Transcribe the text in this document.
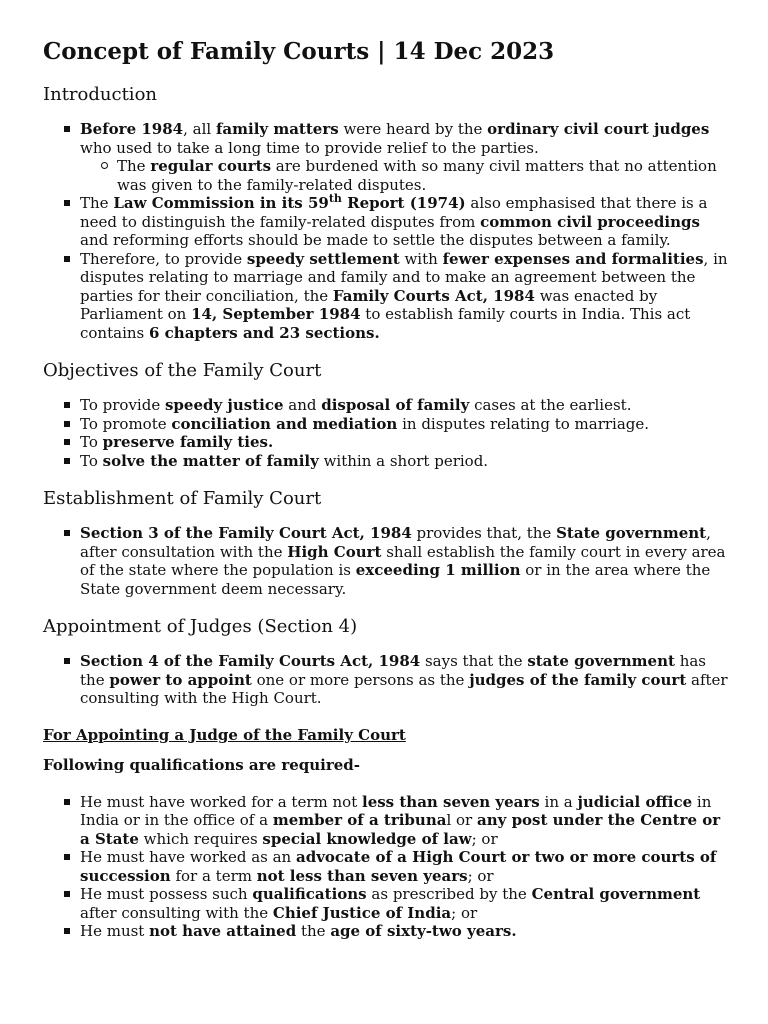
Concept of Family Courts | 14 Dec 2023
Introduction
Before 1984, all family matters were heard by the ordinary civil court judges who used to take a long time to provide relief to the parties.
The regular courts are burdened with so many civil matters that no attention was given to the family-related disputes.
The Law Commission in its 59th Report (1974) also emphasised that there is a need to distinguish the family-related disputes from common civil proceedings and reforming efforts should be made to settle the disputes between a family.
Therefore, to provide speedy settlement with fewer expenses and formalities, in disputes relating to marriage and family and to make an agreement between the parties for their conciliation, the Family Courts Act, 1984 was enacted by Parliament on 14, September 1984 to establish family courts in India. This act contains 6 chapters and 23 sections.
Objectives of the Family Court
To provide speedy justice and disposal of family cases at the earliest.
To promote conciliation and mediation in disputes relating to marriage.
To preserve family ties.
To solve the matter of family within a short period.
Establishment of Family Court
Section 3 of the Family Court Act, 1984 provides that, the State government, after consultation with the High Court shall establish the family court in every area of the state where the population is exceeding 1 million or in the area where the State government deem necessary.
Appointment of Judges (Section 4)
Section 4 of the Family Courts Act, 1984 says that the state government has the power to appoint one or more persons as the judges of the family court after consulting with the High Court.

For Appointing a Judge of the Family Court

Following qualifications are required-

He must have worked for a term not less than seven years in a judicial office in India or in the office of a member of a tribunal or any post under the Centre or a State which requires special knowledge of law; or
He must have worked as an advocate of a High Court or two or more courts of succession for a term not less than seven years; or
He must possess such qualifications as prescribed by the Central government after consulting with the Chief Justice of India; or
He must not have attained the age of sixty-two years.
